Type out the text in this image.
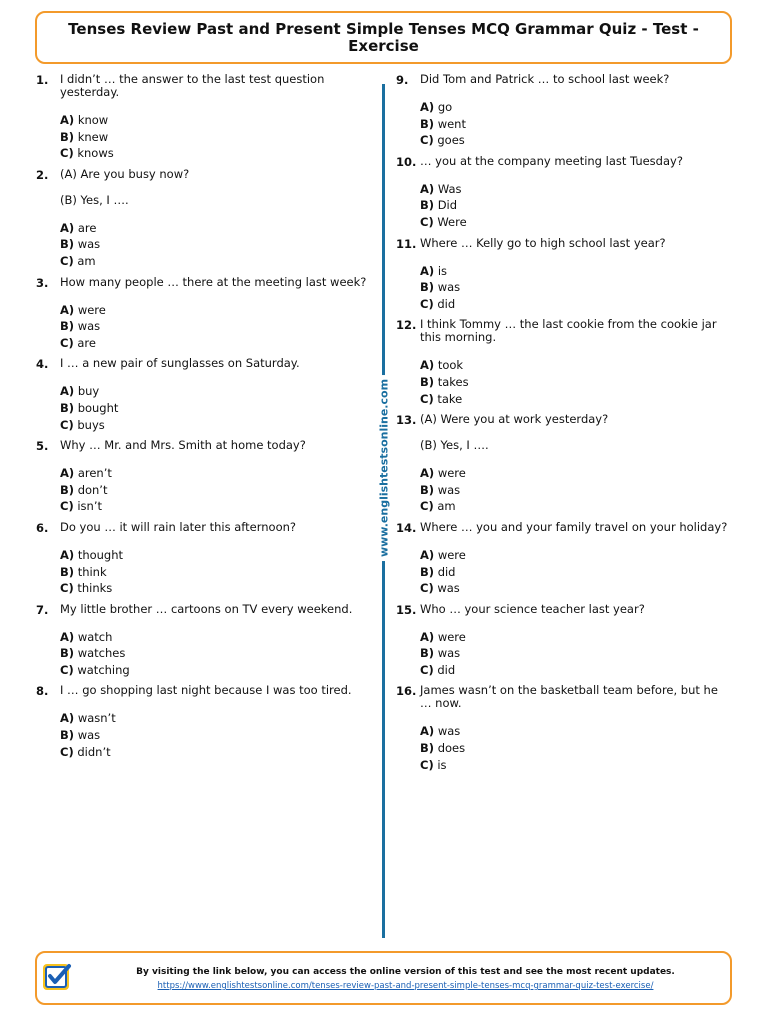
Tenses Review Past and Present Simple Tenses MCQ Grammar Quiz - Test - Exercise
1. I didn’t … the answer to the last test question
yesterday.
A) know
B) knew
C) knows
2. (A) Are you busy now?
(B) Yes, I ….
A) are
B) was
C) am
3. How many people … there at the meeting last week?
A) were
B) was
C) are
4. I … a new pair of sunglasses on Saturday.
A) buy
B) bought
C) buys
5. Why … Mr. and Mrs. Smith at home today?
A) aren’t
B) don’t
C) isn’t
6. Do you … it will rain later this afternoon?
A) thought
B) think
C) thinks
7. My little brother … cartoons on TV every weekend.
A) watch
B) watches
C) watching
8. I … go shopping last night because I was too tired.
A) wasn’t
B) was
C) didn’t
www.englishtestsonline.com
9. Did Tom and Patrick … to school last week?
A) go
B) went
C) goes
10. … you at the company meeting last Tuesday?
A) Was
B) Did
C) Were
11. Where … Kelly go to high school last year?
A) is
B) was
C) did
12. I think Tommy … the last cookie from the cookie jar
this morning.
A) took
B) takes
C) take
13. (A) Were you at work yesterday?
(B) Yes, I ….
A) were
B) was
C) am
14. Where … you and your family travel on your holiday?
A) were
B) did
C) was
15. Who … your science teacher last year?
A) were
B) was
C) did
16. James wasn’t on the basketball team before, but he
… now.
A) was
B) does
C) is
By visiting the link below, you can access the online version of this test and see the most recent updates.
https://www.englishtestsonline.com/tenses-review-past-and-present-simple-tenses-mcq-grammar-quiz-test-exercise/
